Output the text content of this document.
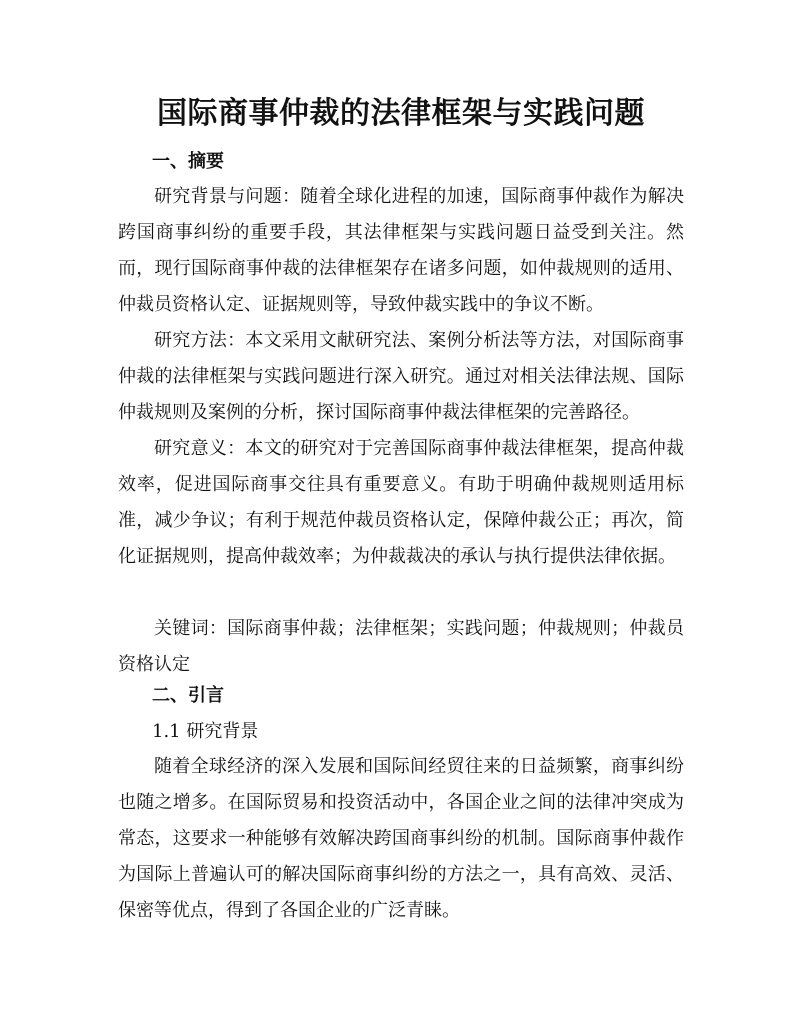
国际商事仲裁的法律框架与实践问题
一、摘要
研究背景与问题：随着全球化进程的加速，国际商事仲裁作为解决跨国商事纠纷的重要手段，其法律框架与实践问题日益受到关注。然而，现行国际商事仲裁的法律框架存在诸多问题，如仲裁规则的适用、仲裁员资格认定、证据规则等，导致仲裁实践中的争议不断。
研究方法：本文采用文献研究法、案例分析法等方法，对国际商事仲裁的法律框架与实践问题进行深入研究。通过对相关法律法规、国际仲裁规则及案例的分析，探讨国际商事仲裁法律框架的完善路径。
研究意义：本文的研究对于完善国际商事仲裁法律框架，提高仲裁效率，促进国际商事交往具有重要意义。有助于明确仲裁规则适用标准，减少争议；有利于规范仲裁员资格认定，保障仲裁公正；再次，简化证据规则，提高仲裁效率；为仲裁裁决的承认与执行提供法律依据。
关键词：国际商事仲裁；法律框架；实践问题；仲裁规则；仲裁员资格认定
二、引言
1.1 研究背景
随着全球经济的深入发展和国际间经贸往来的日益频繁，商事纠纷也随之增多。在国际贸易和投资活动中，各国企业之间的法律冲突成为常态，这要求一种能够有效解决跨国商事纠纷的机制。国际商事仲裁作为国际上普遍认可的解决国际商事纠纷的方法之一，具有高效、灵活、保密等优点，得到了各国企业的广泛青睐。
